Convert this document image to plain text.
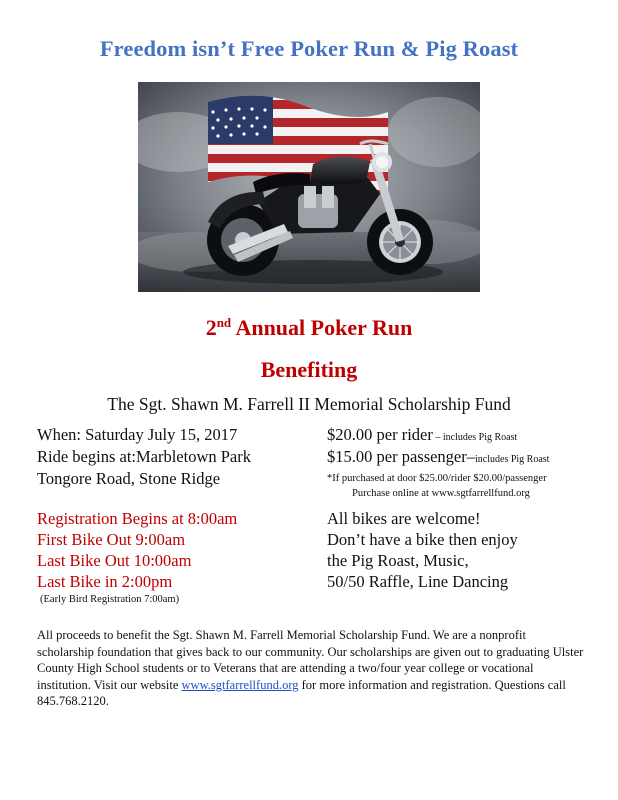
Freedom isn’t Free Poker Run & Pig Roast
2nd Annual Poker Run
Benefiting
The Sgt. Shawn M. Farrell II Memorial Scholarship Fund
When: Saturday July 15, 2017
Ride begins at:Marbletown Park
Tongore Road, Stone Ridge
$20.00 per rider – includes Pig Roast
$15.00 per passenger–includes Pig Roast
*If purchased at door $25.00/rider $20.00/passenger
Purchase online at www.sgtfarrellfund.org
Registration Begins at 8:00am
First Bike Out 9:00am
Last Bike Out 10:00am
Last Bike in 2:00pm
(Early Bird Registration 7:00am)
All bikes are welcome!
Don’t have a bike then enjoy
the Pig Roast, Music,
50/50 Raffle, Line Dancing
All proceeds to benefit the Sgt. Shawn M. Farrell Memorial Scholarship Fund. We are a nonprofit scholarship foundation that gives back to our community. Our scholarships are given out to graduating Ulster County High School students or to Veterans that are attending a two/four year college or vocational institution. Visit our website www.sgtfarrellfund.org for more information and registration. Questions call 845.768.2120.
